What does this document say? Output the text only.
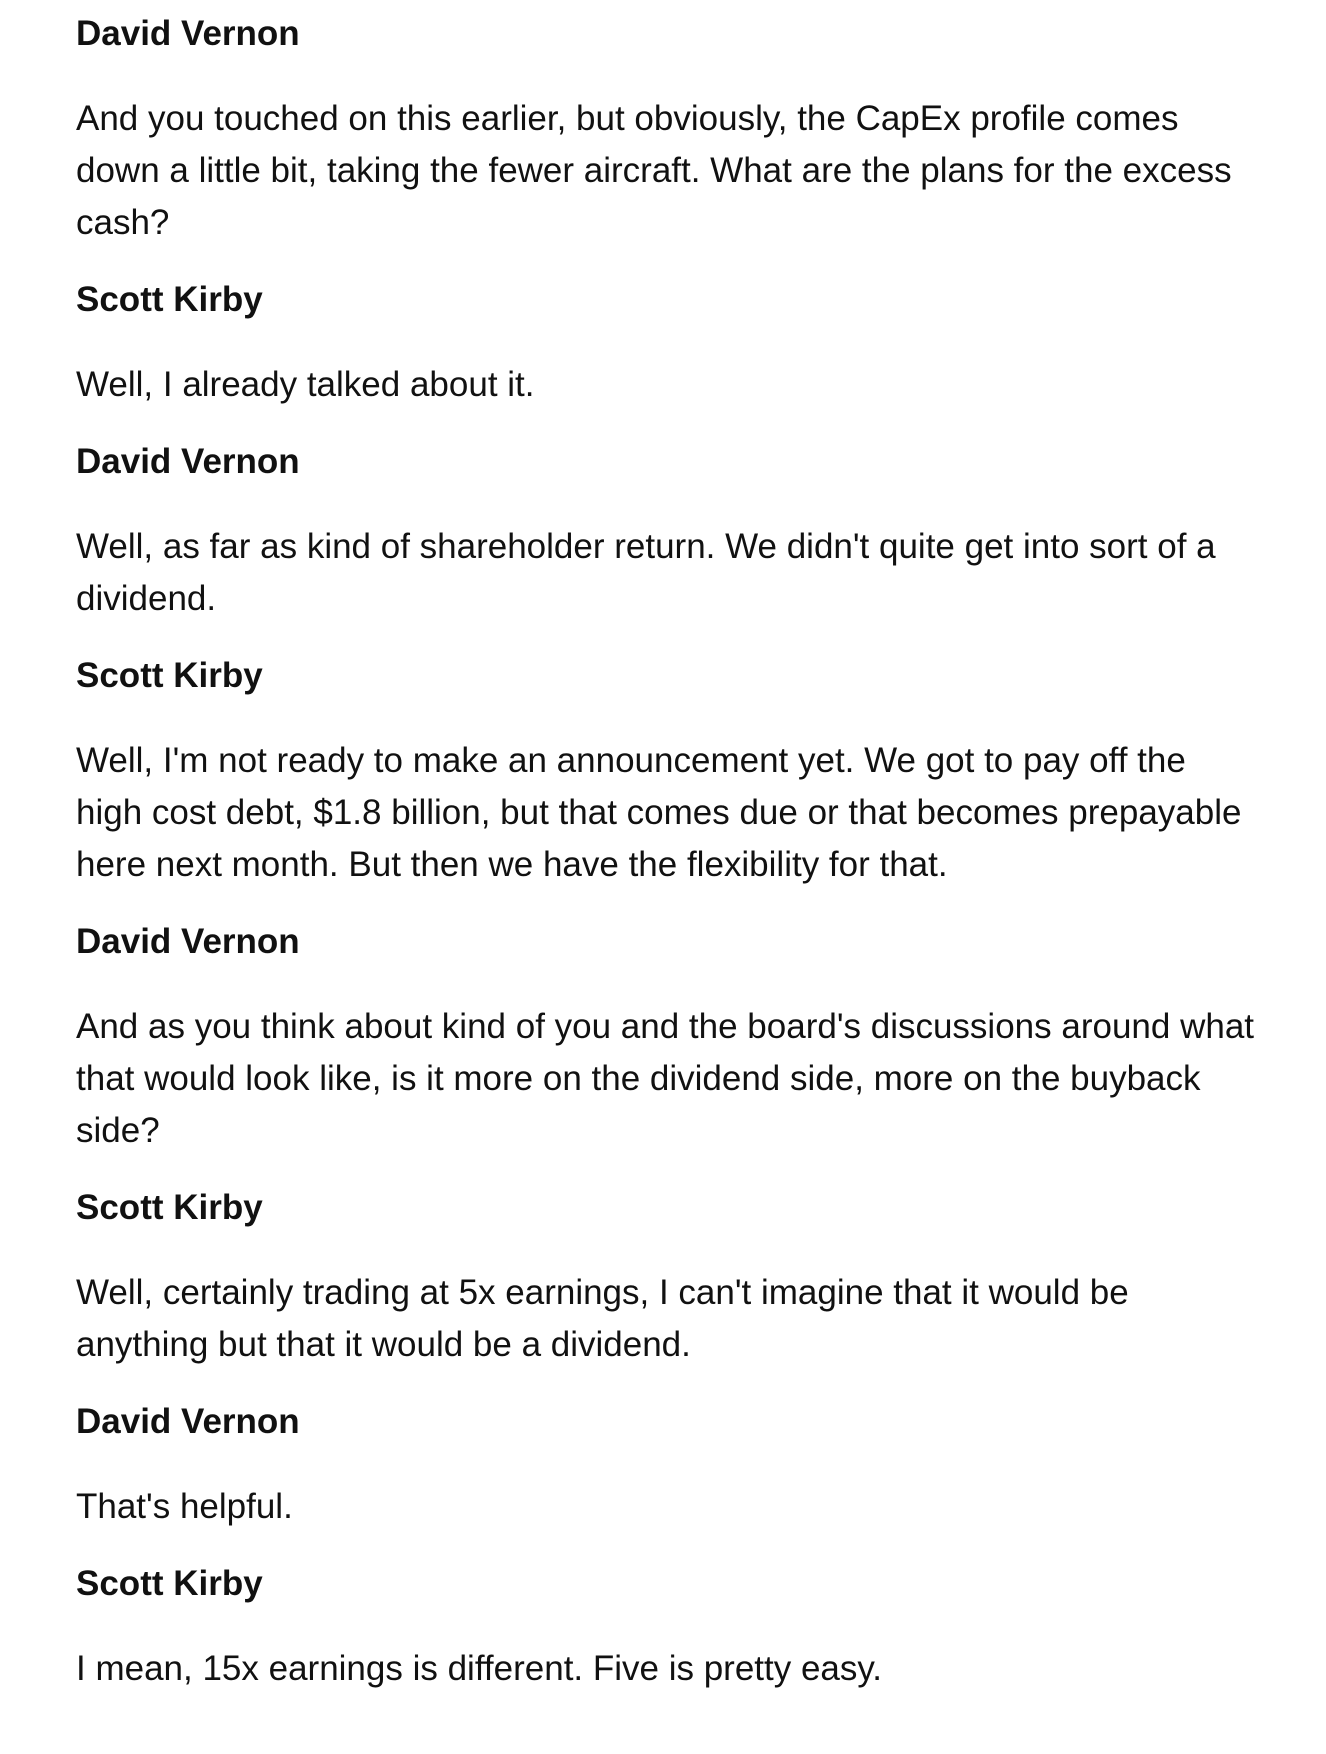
David Vernon
And you touched on this earlier, but obviously, the CapEx profile comes down a little bit, taking the fewer aircraft. What are the plans for the excess cash?
Scott Kirby
Well, I already talked about it.
David Vernon
Well, as far as kind of shareholder return. We didn't quite get into sort of a dividend.
Scott Kirby
Well, I'm not ready to make an announcement yet. We got to pay off the high cost debt, $1.8 billion, but that comes due or that becomes prepayable here next month. But then we have the flexibility for that.
David Vernon
And as you think about kind of you and the board's discussions around what that would look like, is it more on the dividend side, more on the buyback side?
Scott Kirby
Well, certainly trading at 5x earnings, I can't imagine that it would be anything but that it would be a dividend.
David Vernon
That's helpful.
Scott Kirby
I mean, 15x earnings is different. Five is pretty easy.
